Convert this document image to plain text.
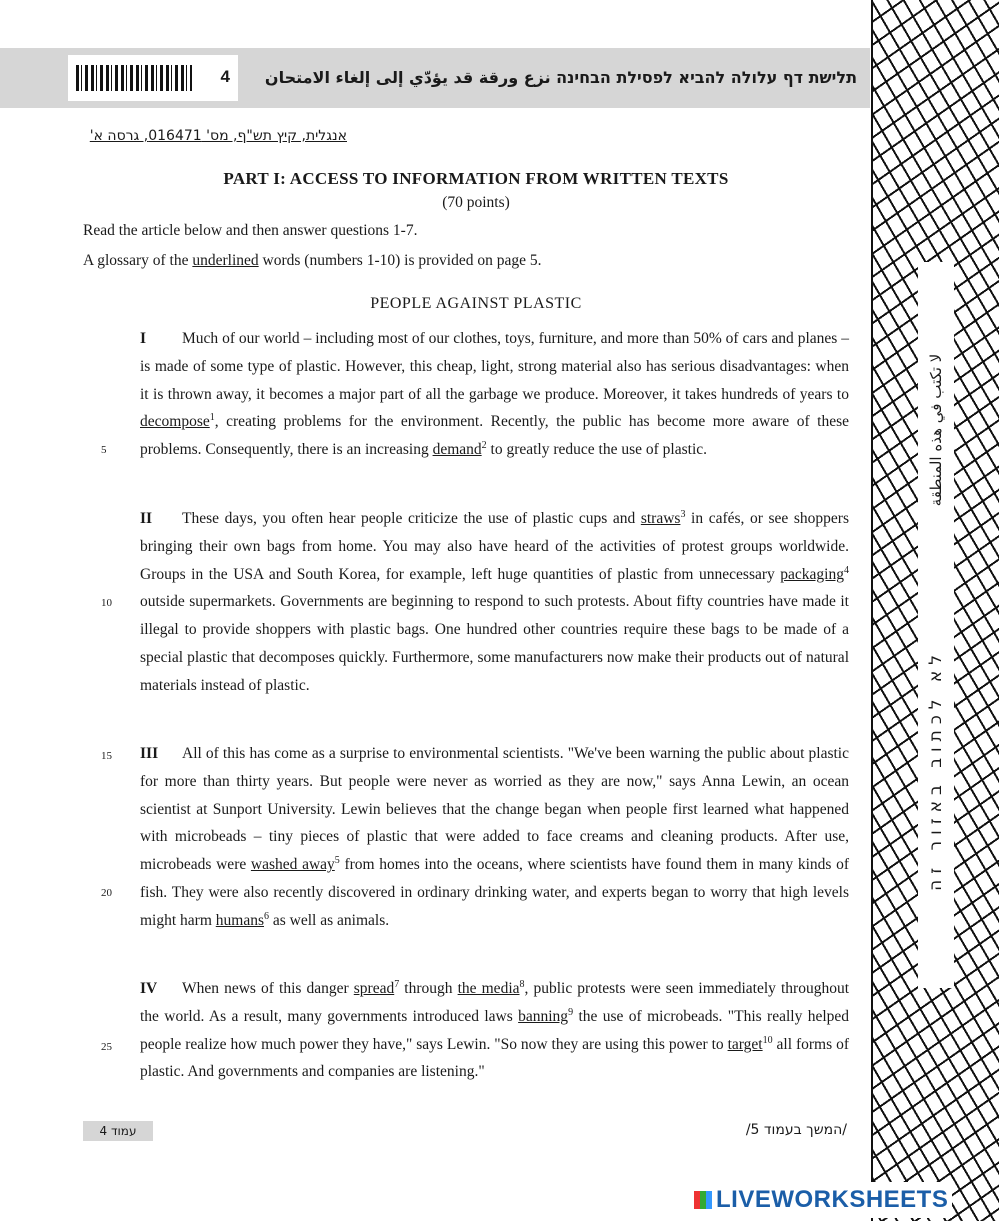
4 תלישת דף עלולה להביא לפסילת הבחינה نزع ورقة قد يؤدّي إلى إلغاء الامتحان
لا تكتب في هذه المنطقة
לא לכתוב באזור זה
אנגלית, קיץ תש"ף, מס' 016471, גרסה א'
PART I: ACCESS TO INFORMATION FROM WRITTEN TEXTS
(70 points)
Read the article below and then answer questions 1-7.
A glossary of the underlined words (numbers 1-10) is provided on page 5.
PEOPLE AGAINST PLASTIC

I Much of our world – including most of our clothes, toys, furniture, and more than 50% of cars and planes – is made of some type of plastic. However, this cheap, light, strong material also has serious disadvantages: when it is thrown away, it becomes a major part of all the garbage we produce. Moreover, it takes hundreds of years to decompose$^1$, creating problems for the environment. Recently, the public has become more aware of these problems. Consequently, there is an increasing demand$^2$ to greatly reduce the use of plastic.

II These days, you often hear people criticize the use of plastic cups and straws$^3$ in cafés, or see shoppers bringing their own bags from home. You may also have heard of the activities of protest groups worldwide. Groups in the USA and South Korea, for example, left huge quantities of plastic from unnecessary packaging$^4$ outside supermarkets. Governments are beginning to respond to such protests. About fifty countries have made it illegal to provide shoppers with plastic bags. One hundred other countries require these bags to be made of a special plastic that decomposes quickly. Furthermore, some manufacturers now make their products out of natural materials instead of plastic.

III All of this has come as a surprise to environmental scientists. "We've been warning the public about plastic for more than thirty years. But people were never as worried as they are now," says Anna Lewin, an ocean scientist at Sunport University. Lewin believes that the change began when people first learned what happened with microbeads – tiny pieces of plastic that were added to face creams and cleaning products. After use, microbeads were washed away$^5$ from homes into the oceans, where scientists have found them in many kinds of fish. They were also recently discovered in ordinary drinking water, and experts began to worry that high levels might harm humans$^6$ as well as animals.

IV When news of this danger spread$^7$ through the media$^8$, public protests were seen immediately throughout the world. As a result, many governments introduced laws banning$^9$ the use of microbeads. "This really helped people realize how much power they have," says Lewin. "So now they are using this power to target$^{10}$ all forms of plastic. And governments and companies are listening."

5
10
15
20
25
עמוד 4	/המשך בעמוד 5/
LIVEWORKSHEETS
